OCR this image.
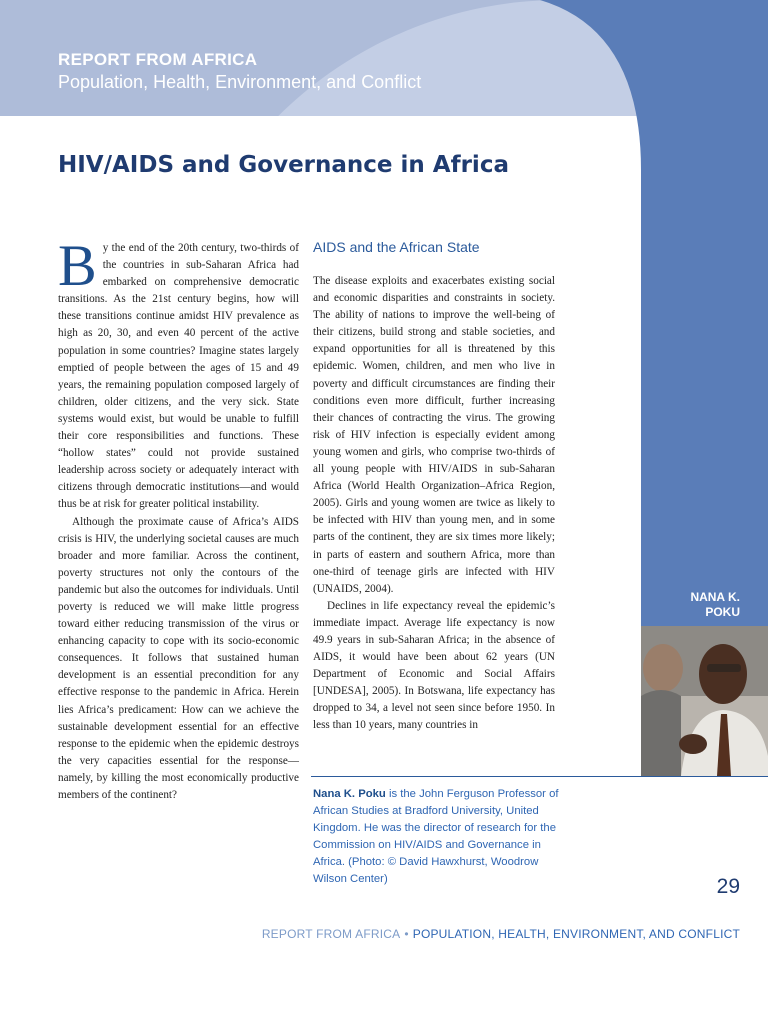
REPORT FROM AFRICA
Population, Health, Environment, and Conflict
HIV/AIDS and Governance in Africa

By the end of the 20th century, two-thirds of the countries in sub-Saharan Africa had embarked on comprehensive democratic transitions. As the 21st century begins, how will these transitions continue amidst HIV prevalence as high as 20, 30, and even 40 percent of the active population in some countries? Imagine states largely emptied of people between the ages of 15 and 49 years, the remaining population composed largely of children, older citizens, and the very sick. State systems would exist, but would be unable to fulfill their core responsibilities and functions. These “hollow states” could not provide sustained leadership across society or adequately interact with citizens through democratic institutions—and would thus be at risk for greater political instability.

Although the proximate cause of Africa’s AIDS crisis is HIV, the underlying societal causes are much broader and more familiar. Across the continent, poverty structures not only the contours of the pandemic but also the outcomes for individuals. Until poverty is reduced we will make little progress toward either reducing transmission of the virus or enhancing capacity to cope with its socio-economic consequences. It follows that sustained human development is an essential precondition for any effective response to the pandemic in Africa. Herein lies Africa’s predicament: How can we achieve the sustainable development essential for an effective response to the epidemic when the epidemic destroys the very capacities essential for the response—namely, by killing the most economically productive members of the continent?

AIDS and the African State

The disease exploits and exacerbates existing social and economic disparities and constraints in society. The ability of nations to improve the well-being of their citizens, build strong and stable societies, and expand opportunities for all is threatened by this epidemic. Women, children, and men who live in poverty and difficult circumstances are finding their conditions even more difficult, further increasing their chances of contracting the virus. The growing risk of HIV infection is especially evident among young women and girls, who comprise two-thirds of all young people with HIV/AIDS in sub-Saharan Africa (World Health Organization–Africa Region, 2005). Girls and young women are twice as likely to be infected with HIV than young men, and in some parts of the continent, they are six times more likely; in parts of eastern and southern Africa, more than one-third of teenage girls are infected with HIV (UNAIDS, 2004).

Declines in life expectancy reveal the epidemic’s immediate impact. Average life expectancy is now 49.9 years in sub-Saharan Africa; in the absence of AIDS, it would have been about 62 years (UN Department of Economic and Social Affairs [UNDESA], 2005). In Botswana, life expectancy has dropped to 34, a level not seen since before 1950. In less than 10 years, many countries in

NANA K.
POKU
Nana K. Poku is the John Ferguson Professor of African Studies at Bradford University, United Kingdom. He was the director of research for the Commission on HIV/AIDS and Governance in Africa. (Photo: © David Hawxhurst, Woodrow Wilson Center)	29
REPORT FROM AFRICA • POPULATION, HEALTH, ENVIRONMENT, AND CONFLICT
